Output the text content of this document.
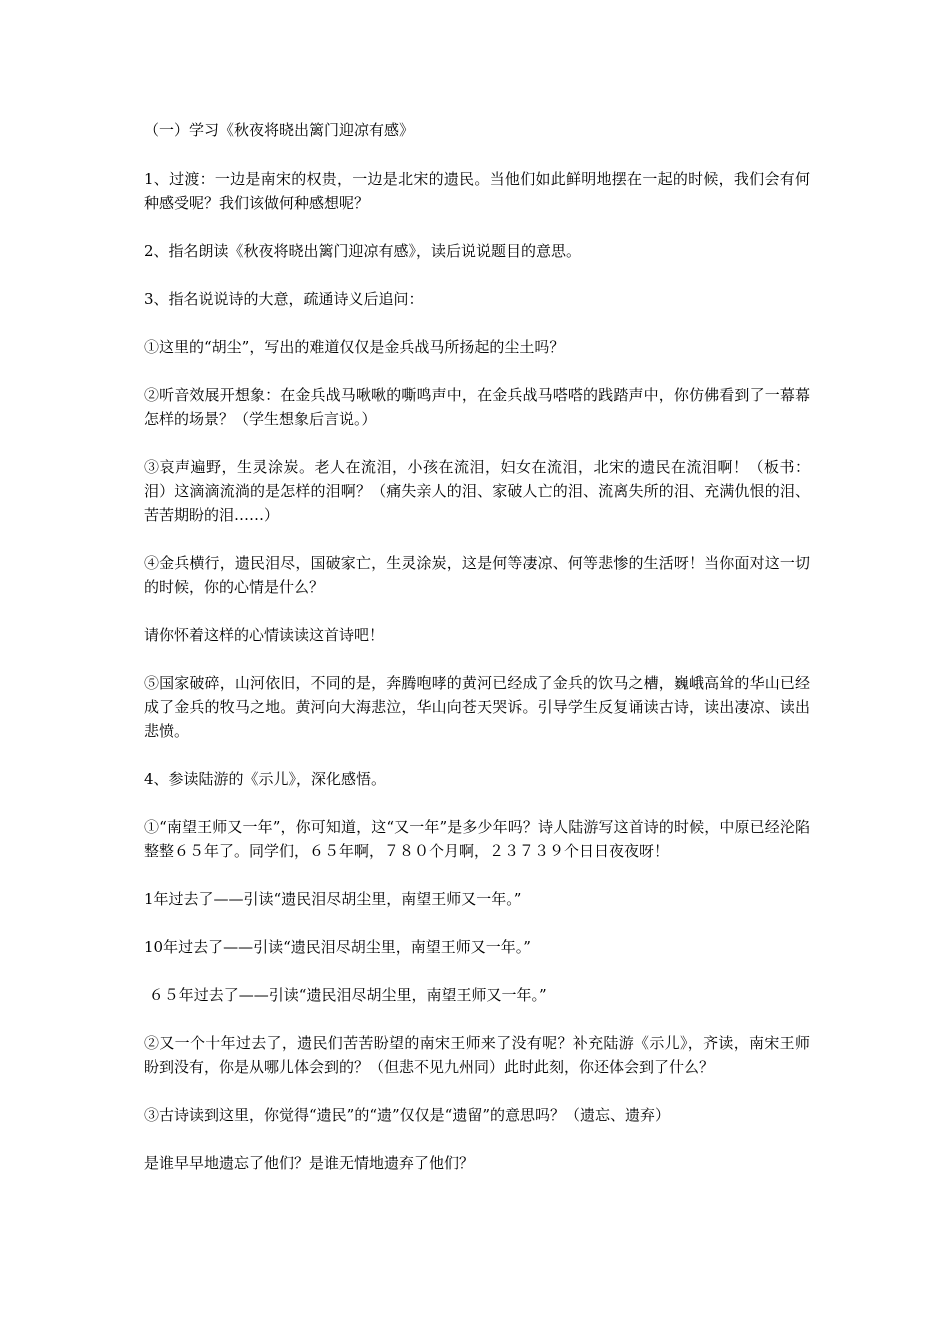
（一）学习《秋夜将晓出篱门迎凉有感》

1、过渡：一边是南宋的权贵，一边是北宋的遗民。当他们如此鲜明地摆在一起的时候，我们会有何种感受呢？我们该做何种感想呢？

2、指名朗读《秋夜将晓出篱门迎凉有感》，读后说说题目的意思。

3、指名说说诗的大意，疏通诗义后追问：

①这里的“胡尘”，写出的难道仅仅是金兵战马所扬起的尘土吗？

②听音效展开想象：在金兵战马啾啾的嘶鸣声中，在金兵战马嗒嗒的践踏声中，你仿佛看到了一幕幕怎样的场景？（学生想象后言说。）

③哀声遍野，生灵涂炭。老人在流泪，小孩在流泪，妇女在流泪，北宋的遗民在流泪啊！（板书：泪）这滴滴流淌的是怎样的泪啊？（痛失亲人的泪、家破人亡的泪、流离失所的泪、充满仇恨的泪、苦苦期盼的泪……）

④金兵横行，遗民泪尽，国破家亡，生灵涂炭，这是何等凄凉、何等悲惨的生活呀！当你面对这一切的时候，你的心情是什么？

请你怀着这样的心情读读这首诗吧！

⑤国家破碎，山河依旧，不同的是，奔腾咆哮的黄河已经成了金兵的饮马之槽，巍峨高耸的华山已经成了金兵的牧马之地。黄河向大海悲泣，华山向苍天哭诉。引导学生反复诵读古诗，读出凄凉、读出悲愤。

4、参读陆游的《示儿》，深化感悟。

①“南望王师又一年”，你可知道，这“又一年”是多少年吗？诗人陆游写这首诗的时候，中原已经沦陷整整６５年了。同学们，６５年啊，７８０个月啊，２３７３９个日日夜夜呀！

1年过去了——引读“遗民泪尽胡尘里，南望王师又一年。”

10年过去了——引读“遗民泪尽胡尘里，南望王师又一年。”

６５年过去了——引读“遗民泪尽胡尘里，南望王师又一年。”

②又一个十年过去了，遗民们苦苦盼望的南宋王师来了没有呢？补充陆游《示儿》，齐读，南宋王师盼到没有，你是从哪儿体会到的？（但悲不见九州同）此时此刻，你还体会到了什么？

③古诗读到这里，你觉得“遗民”的“遗”仅仅是“遗留”的意思吗？（遗忘、遗弃）

是谁早早地遗忘了他们？是谁无情地遗弃了他们？
